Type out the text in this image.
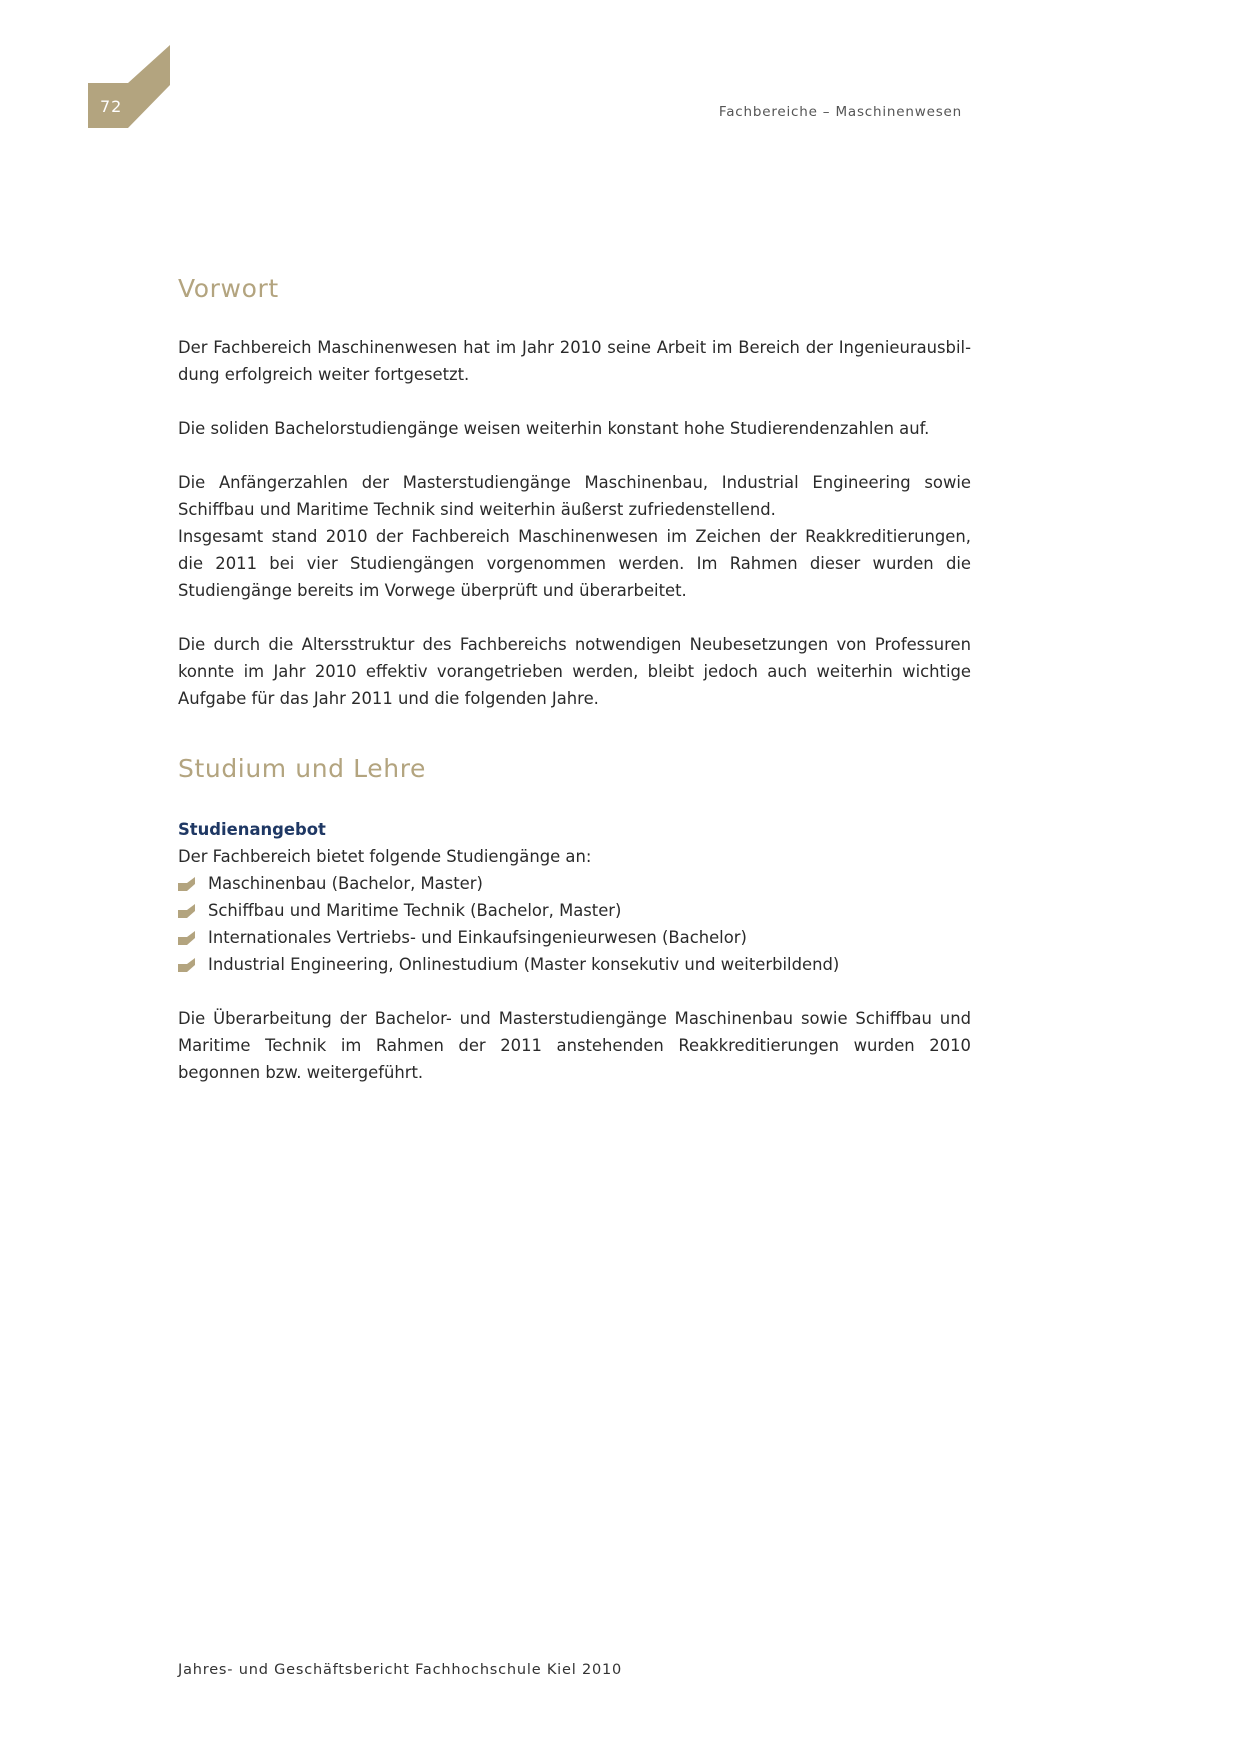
72	Fachbereiche – Maschinenwesen
Vorwort

Der Fachbereich Maschinenwesen hat im Jahr 2010 seine Arbeit im Bereich der Ingenieurausbildung erfolgreich weiter fortgesetzt.

Die soliden Bachelorstudiengänge weisen weiterhin konstant hohe Studierendenzahlen auf.

Die Anfängerzahlen der Masterstudiengänge Maschinenbau, Industrial Engineering sowie Schiffbau und Maritime Technik sind weiterhin äußerst zufriedenstellend.

Insgesamt stand 2010 der Fachbereich Maschinenwesen im Zeichen der Reakkreditierungen, die 2011 bei vier Studiengängen vorgenommen werden. Im Rahmen dieser wurden die Studiengänge bereits im Vorwege überprüft und überarbeitet.

Die durch die Altersstruktur des Fachbereichs notwendigen Neubesetzungen von Professuren konnte im Jahr 2010 effektiv vorangetrieben werden, bleibt jedoch auch weiterhin wichtige Aufgabe für das Jahr 2011 und die folgenden Jahre.

Studium und Lehre
Studienangebot

Der Fachbereich bietet folgende Studiengänge an:

Maschinenbau (Bachelor, Master)
Schiffbau und Maritime Technik (Bachelor, Master)
Internationales Vertriebs- und Einkaufsingenieurwesen (Bachelor)
Industrial Engineering, Onlinestudium (Master konsekutiv und weiterbildend)

Die Überarbeitung der Bachelor- und Masterstudiengänge Maschinenbau sowie Schiffbau und Maritime Technik im Rahmen der 2011 anstehenden Reakkreditierungen wurden 2010 begonnen bzw. weitergeführt.

Jahres- und Geschäftsbericht Fachhochschule Kiel 2010
